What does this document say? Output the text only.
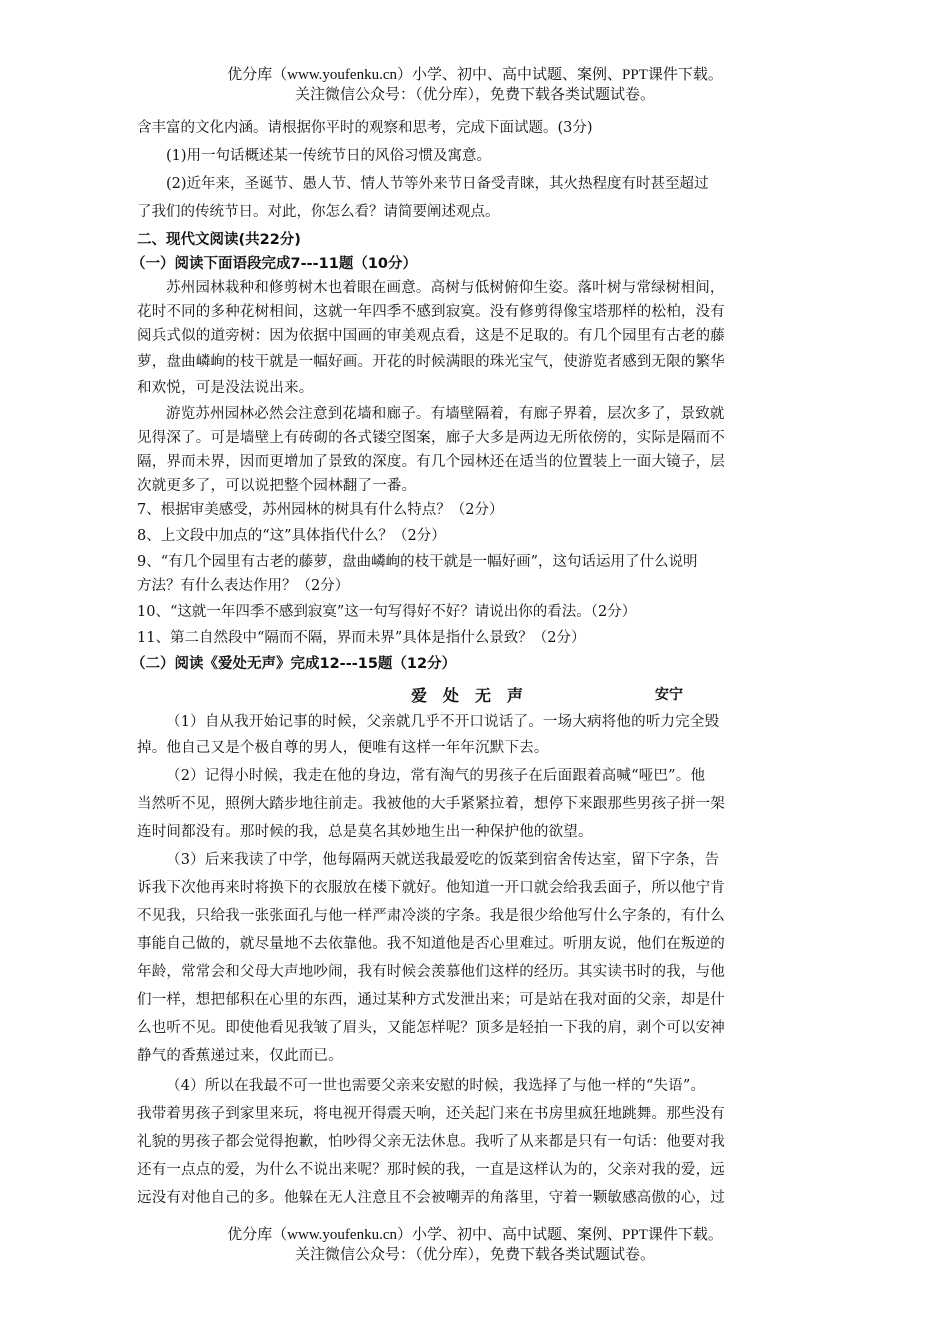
优分库（www.youfenku.cn）小学、初中、高中试题、案例、PPT课件下载。
关注微信公众号：（优分库），免费下载各类试题试卷。
含丰富的文化内涵。请根据你平时的观察和思考，完成下面试题。(3分)
(1)用一句话概述某一传统节日的风俗习惯及寓意。
(2)近年来，圣诞节、愚人节、情人节等外来节日备受青睐，其火热程度有时甚至超过
了我们的传统节日。对此，你怎么看？请简要阐述观点。
二、现代文阅读(共22分)
（一）阅读下面语段完成7---11题（10分）
苏州园林栽种和修剪树木也着眼在画意。高树与低树俯仰生姿。落叶树与常绿树相间，
花时不同的多种花树相间，这就一年四季不感到寂寞。没有修剪得像宝塔那样的松柏，没有
阅兵式似的道旁树：因为依据中国画的审美观点看，这是不足取的。有几个园里有古老的藤
萝，盘曲嶙峋的枝干就是一幅好画。开花的时候满眼的珠光宝气，使游览者感到无限的繁华
和欢悦，可是没法说出来。
游览苏州园林必然会注意到花墙和廊子。有墙壁隔着，有廊子界着，层次多了，景致就
见得深了。可是墙壁上有砖砌的各式镂空图案，廊子大多是两边无所依傍的，实际是隔而不
隔，界而未界，因而更增加了景致的深度。有几个园林还在适当的位置装上一面大镜子，层
次就更多了，可以说把整个园林翻了一番。
7、根据审美感受，苏州园林的树具有什么特点？（2分）
8、上文段中加点的“这”具体指代什么？（2分）
9、“有几个园里有古老的藤萝，盘曲嶙峋的枝干就是一幅好画”，这句话运用了什么说明
方法？有什么表达作用？（2分）
10、“这就一年四季不感到寂寞”这一句写得好不好？请说出你的看法。（2分）
11、第二自然段中“隔而不隔，界而未界”具体是指什么景致？（2分）
（二）阅读《爱处无声》完成12---15题（12分）
爱处无声	安宁
（1）自从我开始记事的时候，父亲就几乎不开口说话了。一场大病将他的听力完全毁
掉。他自己又是个极自尊的男人，便唯有这样一年年沉默下去。
（2）记得小时候，我走在他的身边，常有淘气的男孩子在后面跟着高喊“哑巴”。他
当然听不见，照例大踏步地往前走。我被他的大手紧紧拉着，想停下来跟那些男孩子拼一架
连时间都没有。那时候的我，总是莫名其妙地生出一种保护他的欲望。
（3）后来我读了中学，他每隔两天就送我最爱吃的饭菜到宿舍传达室，留下字条，告
诉我下次他再来时将换下的衣服放在楼下就好。他知道一开口就会给我丢面子，所以他宁肯
不见我，只给我一张张面孔与他一样严肃冷淡的字条。我是很少给他写什么字条的，有什么
事能自己做的，就尽量地不去依靠他。我不知道他是否心里难过。听朋友说，他们在叛逆的
年龄，常常会和父母大声地吵闹，我有时候会羡慕他们这样的经历。其实读书时的我，与他
们一样，想把郁积在心里的东西，通过某种方式发泄出来；可是站在我对面的父亲，却是什
么也听不见。即使他看见我皱了眉头，又能怎样呢？顶多是轻拍一下我的肩，剥个可以安神
静气的香蕉递过来，仅此而已。
（4）所以在我最不可一世也需要父亲来安慰的时候，我选择了与他一样的“失语”。
我带着男孩子到家里来玩，将电视开得震天响，还关起门来在书房里疯狂地跳舞。那些没有
礼貌的男孩子都会觉得抱歉，怕吵得父亲无法休息。我听了从来都是只有一句话：他要对我
还有一点点的爱，为什么不说出来呢？那时候的我，一直是这样认为的，父亲对我的爱，远
远没有对他自己的多。他躲在无人注意且不会被嘲弄的角落里，守着一颗敏感高傲的心，过
优分库（www.youfenku.cn）小学、初中、高中试题、案例、PPT课件下载。
关注微信公众号：（优分库），免费下载各类试题试卷。
